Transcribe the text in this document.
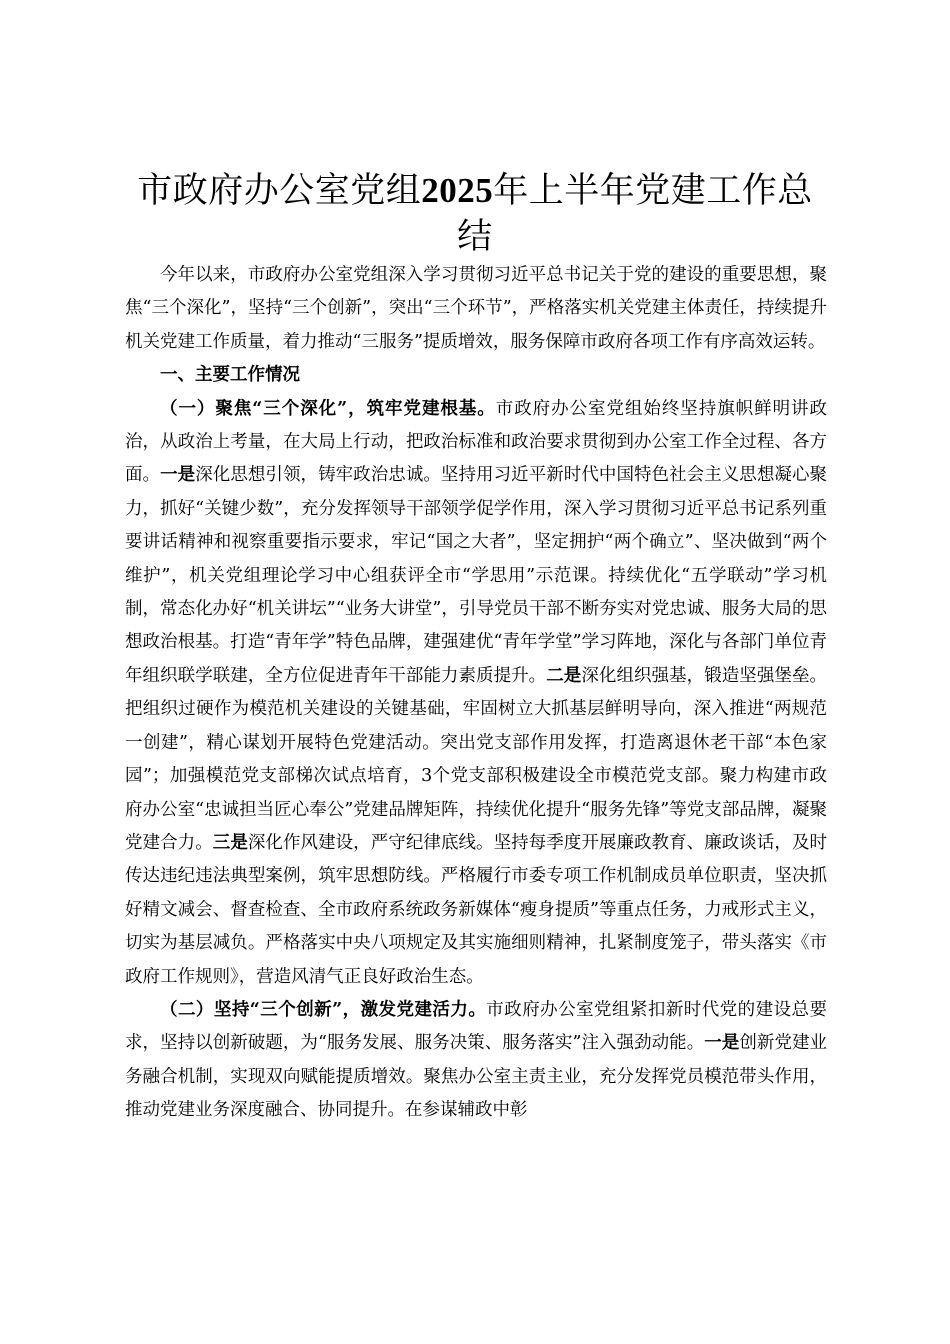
市政府办公室党组2025年上半年党建工作总结

今年以来，市政府办公室党组深入学习贯彻习近平总书记关于党的建设的重要思想，聚焦“三个深化”，坚持“三个创新”，突出“三个环节”，严格落实机关党建主体责任，持续提升机关党建工作质量，着力推动“三服务”提质增效，服务保障市政府各项工作有序高效运转。

一、主要工作情况

（一）聚焦“三个深化”，筑牢党建根基。市政府办公室党组始终坚持旗帜鲜明讲政治，从政治上考量，在大局上行动，把政治标准和政治要求贯彻到办公室工作全过程、各方面。一是深化思想引领，铸牢政治忠诚。坚持用习近平新时代中国特色社会主义思想凝心聚力，抓好“关键少数”，充分发挥领导干部领学促学作用，深入学习贯彻习近平总书记系列重要讲话精神和视察重要指示要求，牢记“国之大者”，坚定拥护“两个确立”、坚决做到“两个维护”，机关党组理论学习中心组获评全市“学思用”示范课。持续优化“五学联动”学习机制，常态化办好“机关讲坛”“业务大讲堂”，引导党员干部不断夯实对党忠诚、服务大局的思想政治根基。打造“青年学”特色品牌，建强建优“青年学堂”学习阵地，深化与各部门单位青年组织联学联建，全方位促进青年干部能力素质提升。二是深化组织强基，锻造坚强堡垒。把组织过硬作为模范机关建设的关键基础，牢固树立大抓基层鲜明导向，深入推进“两规范一创建”，精心谋划开展特色党建活动。突出党支部作用发挥，打造离退休老干部“本色家园”；加强模范党支部梯次试点培育，3个党支部积极建设全市模范党支部。聚力构建市政府办公室“忠诚担当匠心奉公”党建品牌矩阵，持续优化提升“服务先锋”等党支部品牌，凝聚党建合力。三是深化作风建设，严守纪律底线。坚持每季度开展廉政教育、廉政谈话，及时传达违纪违法典型案例，筑牢思想防线。严格履行市委专项工作机制成员单位职责，坚决抓好精文减会、督查检查、全市政府系统政务新媒体“瘦身提质”等重点任务，力戒形式主义，切实为基层减负。严格落实中央八项规定及其实施细则精神，扎紧制度笼子，带头落实《市政府工作规则》，营造风清气正良好政治生态。

（二）坚持“三个创新”，激发党建活力。市政府办公室党组紧扣新时代党的建设总要求，坚持以创新破题，为“服务发展、服务决策、服务落实”注入强劲动能。一是创新党建业务融合机制，实现双向赋能提质增效。聚焦办公室主责主业，充分发挥党员模范带头作用，推动党建业务深度融合、协同提升。在参谋辅政中彰
